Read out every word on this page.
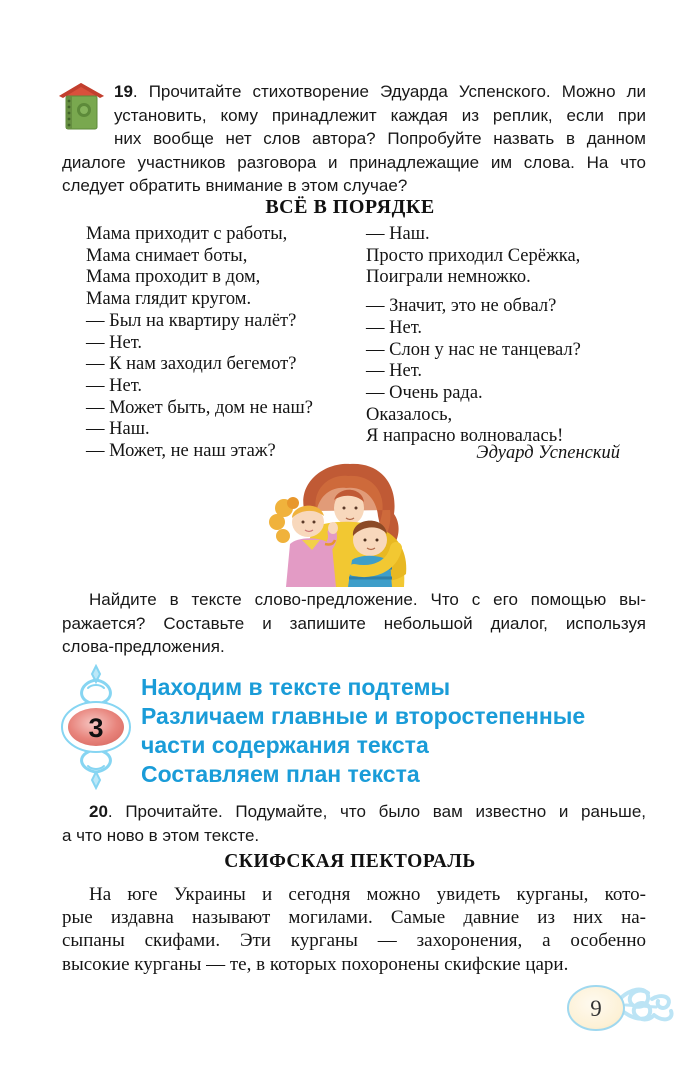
19. Прочитайте стихотворение Эдуарда Успенского. Можно ли
установить, кому принадлежит каждая из реплик, если при
них вообще нет слов автора? Попробуйте назвать в данном
диалоге участников разговора и принадлежащие им слова. На что
следует обратить внимание в этом случае?
ВСЁ В ПОРЯДКЕ
Мама приходит с работы,
Мама снимает боты,
Мама проходит в дом,
Мама глядит кругом.
— Был на квартиру налёт?
— Нет.
— К нам заходил бегемот?
— Нет.
— Может быть, дом не наш?
— Наш.
— Может, не наш этаж?
— Наш.
Просто приходил Серёжка,
Поиграли немножко.
— Значит, это не обвал?
— Нет.
— Слон у нас не танцевал?
— Нет.
— Очень рада.
Оказалось,
Я напрасно волновалась!
Эдуард Успенский
Найдите в тексте слово-предложение. Что с его помощью вы-
ражается? Составьте и запишите небольшой диалог, используя
слова-предложения.
3
Находим в тексте подтемы
Различаем главные и второстепенные
части содержания текста
Составляем план текста
20. Прочитайте. Подумайте, что было вам известно и раньше,
а что ново в этом тексте.
СКИФСКАЯ ПЕКТОРАЛЬ
На юге Украины и сегодня можно увидеть курганы, кото-
рые издавна называют могилами. Самые давние из них на-
сыпаны скифами. Эти курганы — захоронения, а особенно
высокие курганы — те, в которых похоронены скифские цари.
9
